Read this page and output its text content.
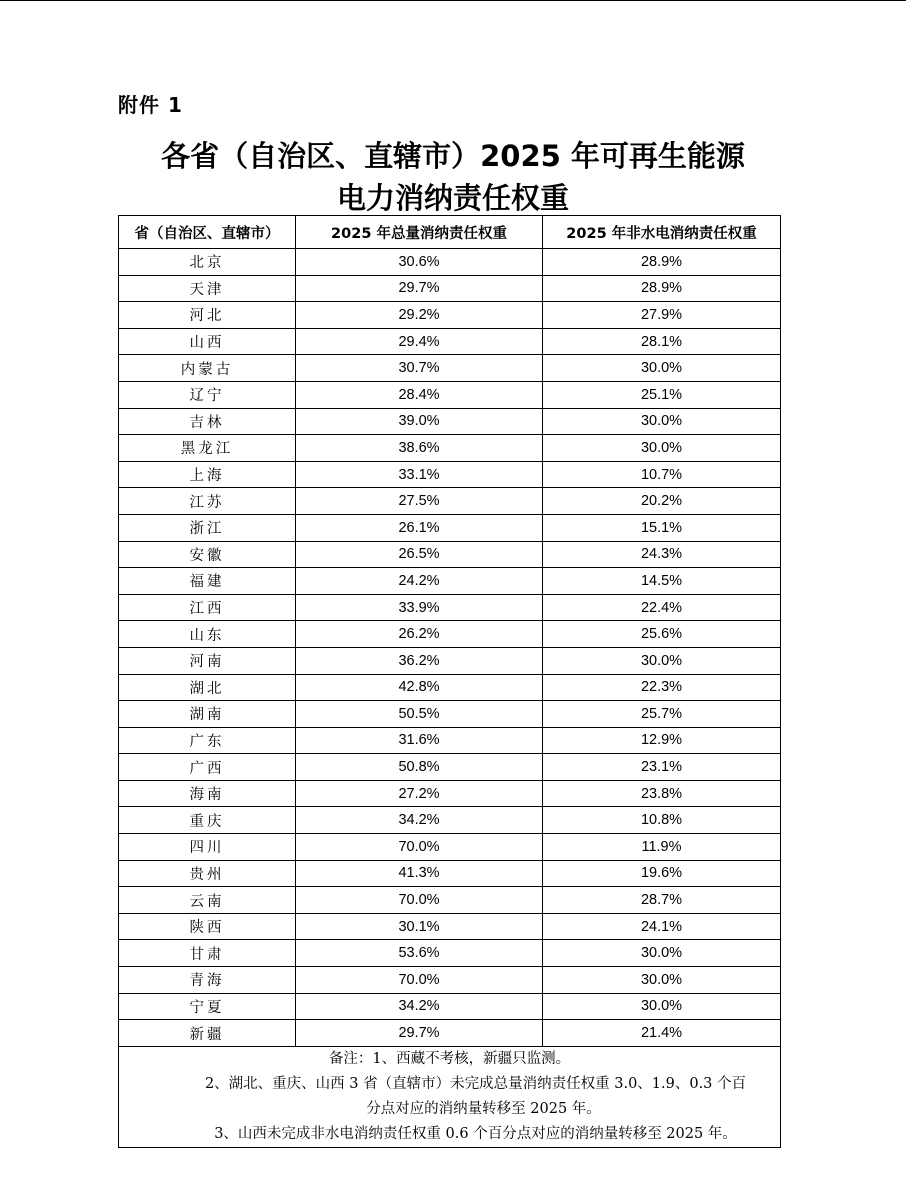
附件 1
各省（自治区、直辖市）2025 年可再生能源
电力消纳责任权重
省（自治区、直辖市）	2025 年总量消纳责任权重	2025 年非水电消纳责任权重
北京	30.6%	28.9%
天津	29.7%	28.9%
河北	29.2%	27.9%
山西	29.4%	28.1%
内蒙古	30.7%	30.0%
辽宁	28.4%	25.1%
吉林	39.0%	30.0%
黑龙江	38.6%	30.0%
上海	33.1%	10.7%
江苏	27.5%	20.2%
浙江	26.1%	15.1%
安徽	26.5%	24.3%
福建	24.2%	14.5%
江西	33.9%	22.4%
山东	26.2%	25.6%
河南	36.2%	30.0%
湖北	42.8%	22.3%
湖南	50.5%	25.7%
广东	31.6%	12.9%
广西	50.8%	23.1%
海南	27.2%	23.8%
重庆	34.2%	10.8%
四川	70.0%	11.9%
贵州	41.3%	19.6%
云南	70.0%	28.7%
陕西	30.1%	24.1%
甘肃	53.6%	30.0%
青海	70.0%	30.0%
宁夏	34.2%	30.0%
新疆	29.7%	21.4%

备注：1、西藏不考核，新疆只监测。
2、湖北、重庆、山西 3 省（直辖市）未完成总量消纳责任权重 3.0、1.9、0.3 个百
分点对应的消纳量转移至 2025 年。
3、山西未完成非水电消纳责任权重 0.6 个百分点对应的消纳量转移至 2025 年。		
